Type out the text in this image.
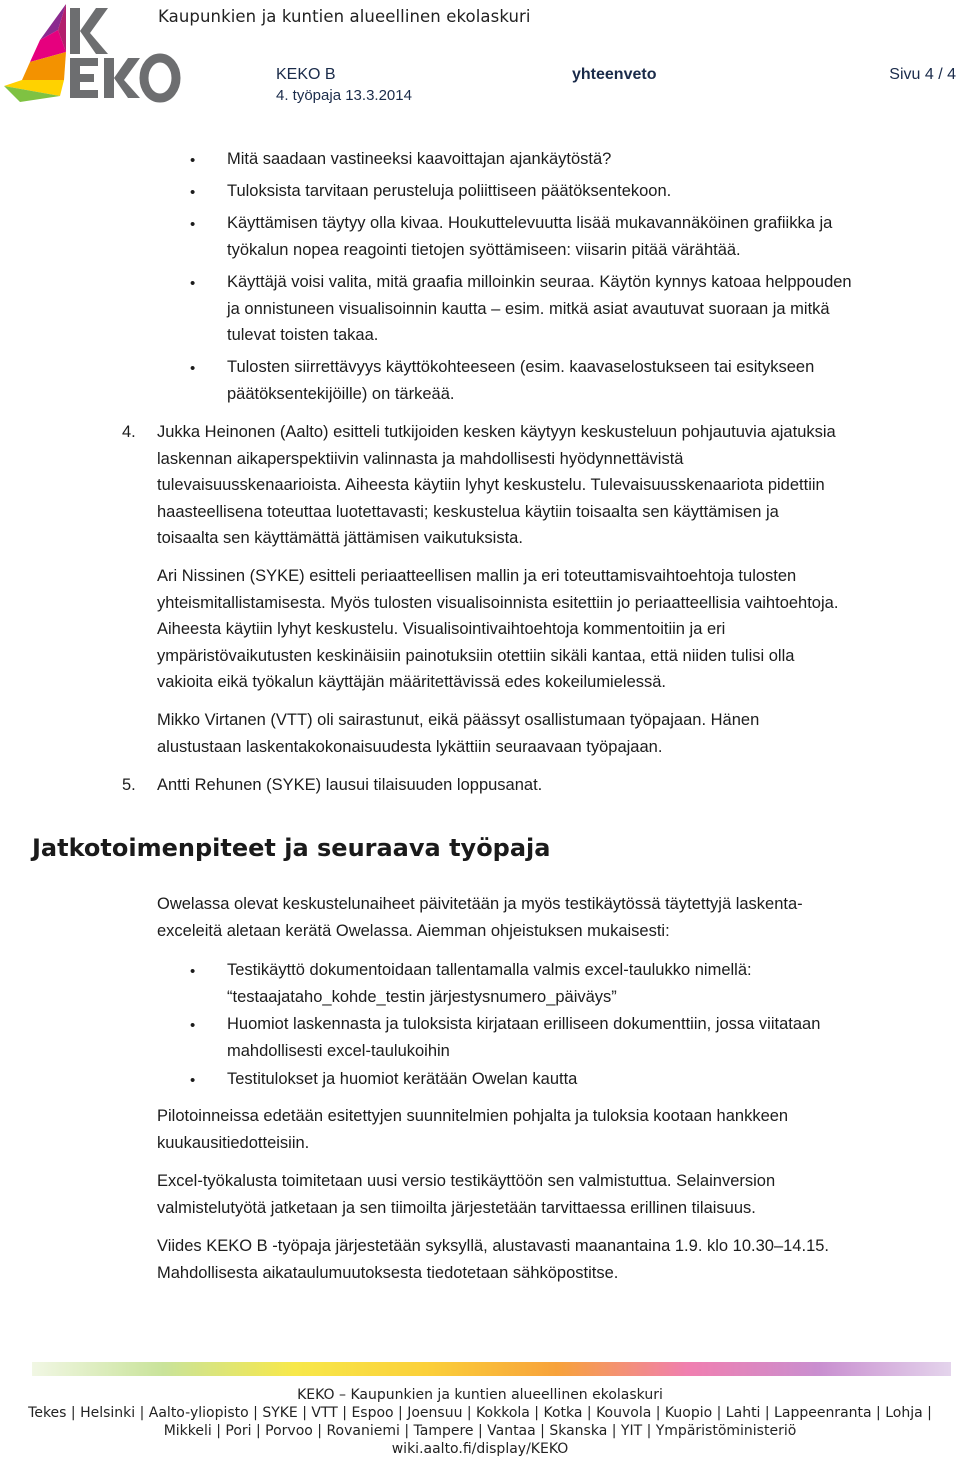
Kaupunkien ja kuntien alueellinen ekolaskuri
KEKO B
4. työpaja 13.3.2014
yhteenveto	Sivu 4 / 4
• Mitä saadaan vastineeksi kaavoittajan ajankäytöstä?
• Tuloksista tarvitaan perusteluja poliittiseen päätöksentekoon.
• Käyttämisen täytyy olla kivaa. Houkuttelevuutta lisää mukavannäköinen grafiikka ja
työkalun nopea reagointi tietojen syöttämiseen: viisarin pitää värähtää.
• Käyttäjä voisi valita, mitä graafia milloinkin seuraa. Käytön kynnys katoaa helppouden
ja onnistuneen visualisoinnin kautta – esim. mitkä asiat avautuvat suoraan ja mitkä
tulevat toisten takaa.
• Tulosten siirrettävyys käyttökohteeseen (esim. kaavaselostukseen tai esitykseen
päätöksentekijöille) on tärkeää.
4. Jukka Heinonen (Aalto) esitteli tutkijoiden kesken käytyyn keskusteluun pohjautuvia ajatuksia
laskennan aikaperspektiivin valinnasta ja mahdollisesti hyödynnettävistä
tulevaisuusskenaarioista. Aiheesta käytiin lyhyt keskustelu. Tulevaisuusskenaariota pidettiin
haasteellisena toteuttaa luotettavasti; keskustelua käytiin toisaalta sen käyttämisen ja
toisaalta sen käyttämättä jättämisen vaikutuksista.
Ari Nissinen (SYKE) esitteli periaatteellisen mallin ja eri toteuttamisvaihtoehtoja tulosten
yhteismitallistamisesta. Myös tulosten visualisoinnista esitettiin jo periaatteellisia vaihtoehtoja.
Aiheesta käytiin lyhyt keskustelu. Visualisointivaihtoehtoja kommentoitiin ja eri
ympäristövaikutusten keskinäisiin painotuksiin otettiin sikäli kantaa, että niiden tulisi olla
vakioita eikä työkalun käyttäjän määritettävissä edes kokeilumielessä.
Mikko Virtanen (VTT) oli sairastunut, eikä päässyt osallistumaan työpajaan. Hänen
alustustaan laskentakokonaisuudesta lykättiin seuraavaan työpajaan.
5. Antti Rehunen (SYKE) lausui tilaisuuden loppusanat.
Jatkotoimenpiteet ja seuraava työpaja
Owelassa olevat keskustelunaiheet päivitetään ja myös testikäytössä täytettyjä laskenta-
exceleitä aletaan kerätä Owelassa. Aiemman ohjeistuksen mukaisesti:
• Testikäyttö dokumentoidaan tallentamalla valmis excel-taulukko nimellä:
“testaajataho_kohde_testin järjestysnumero_päiväys”
• Huomiot laskennasta ja tuloksista kirjataan erilliseen dokumenttiin, jossa viitataan
mahdollisesti excel-taulukoihin
• Testitulokset ja huomiot kerätään Owelan kautta
Pilotoinneissa edetään esitettyjen suunnitelmien pohjalta ja tuloksia kootaan hankkeen
kuukausitiedotteisiin.
Excel-työkalusta toimitetaan uusi versio testikäyttöön sen valmistuttua. Selainversion
valmistelutyötä jatketaan ja sen tiimoilta järjestetään tarvittaessa erillinen tilaisuus.
Viides KEKO B -työpaja järjestetään syksyllä, alustavasti maanantaina 1.9. klo 10.30–14.15.
Mahdollisesta aikataulumuutoksesta tiedotetaan sähköpostitse.
KEKO – Kaupunkien ja kuntien alueellinen ekolaskuri
Tekes | Helsinki | Aalto-yliopisto | SYKE | VTT | Espoo | Joensuu | Kokkola | Kotka | Kouvola | Kuopio | Lahti | Lappeenranta | Lohja |
Mikkeli | Pori | Porvoo | Rovaniemi | Tampere | Vantaa | Skanska | YIT | Ympäristöministeriö
wiki.aalto.fi/display/KEKO
